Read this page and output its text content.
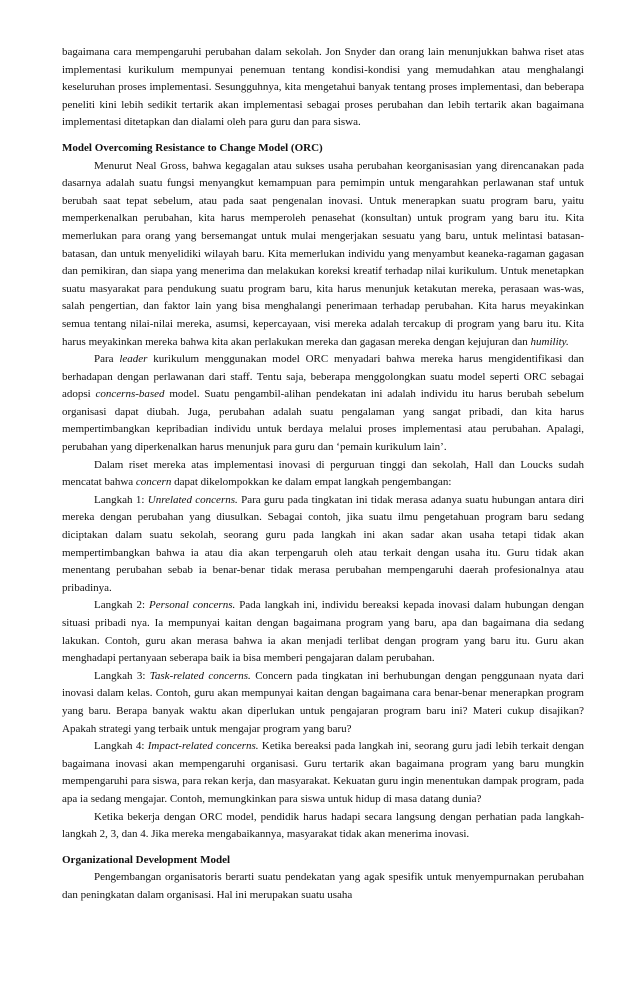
bagaimana cara mempengaruhi perubahan dalam sekolah. Jon Snyder dan orang lain menunjukkan bahwa riset atas implementasi kurikulum mempunyai penemuan tentang kondisi-kondisi yang memudahkan atau menghalangi keseluruhan proses implementasi. Sesungguhnya, kita mengetahui banyak tentang proses implementasi, dan beberapa peneliti kini lebih sedikit tertarik akan implementasi sebagai proses perubahan dan lebih tertarik akan bagaimana implementasi ditetapkan dan dialami oleh para guru dan para siswa.

Model Overcoming Resistance to Change Model (ORC)

Menurut Neal Gross, bahwa kegagalan atau sukses usaha perubahan keorganisasian yang direncanakan pada dasarnya adalah suatu fungsi menyangkut kemampuan para pemimpin untuk mengarahkan perlawanan staf untuk berubah saat tepat sebelum, atau pada saat pengenalan inovasi. Untuk menerapkan suatu program baru, yaitu memperkenalkan perubahan, kita harus memperoleh penasehat (konsultan) untuk program yang baru itu. Kita memerlukan para orang yang bersemangat untuk mulai mengerjakan sesuatu yang baru, untuk melintasi batasan-batasan, dan untuk menyelidiki wilayah baru. Kita memerlukan individu yang menyambut keaneka-ragaman gagasan dan pemikiran, dan siapa yang menerima dan melakukan koreksi kreatif terhadap nilai kurikulum. Untuk menetapkan suatu masyarakat para pendukung suatu program baru, kita harus menunjuk ketakutan mereka, perasaan was-was, salah pengertian, dan faktor lain yang bisa menghalangi penerimaan terhadap perubahan. Kita harus meyakinkan semua tentang nilai-nilai mereka, asumsi, kepercayaan, visi mereka adalah tercakup di program yang baru itu. Kita harus meyakinkan mereka bahwa kita akan perlakukan mereka dan gagasan mereka dengan kejujuran dan humility.

Para leader kurikulum menggunakan model ORC menyadari bahwa mereka harus mengidentifikasi dan berhadapan dengan perlawanan dari staff. Tentu saja, beberapa menggolongkan suatu model seperti ORC sebagai adopsi concerns-based model. Suatu pengambil-alihan pendekatan ini adalah individu itu harus berubah sebelum organisasi dapat diubah. Juga, perubahan adalah suatu pengalaman yang sangat pribadi, dan kita harus mempertimbangkan kepribadian individu untuk berdaya melalui proses implementasi atau perubahan. Apalagi, perubahan yang diperkenalkan harus menunjuk para guru dan ‘pemain kurikulum lain’.

Dalam riset mereka atas implementasi inovasi di perguruan tinggi dan sekolah, Hall dan Loucks sudah mencatat bahwa concern dapat dikelompokkan ke dalam empat langkah pengembangan:

Langkah 1: Unrelated concerns. Para guru pada tingkatan ini tidak merasa adanya suatu hubungan antara diri mereka dengan perubahan yang diusulkan. Sebagai contoh, jika suatu ilmu pengetahuan program baru sedang diciptakan dalam suatu sekolah, seorang guru pada langkah ini akan sadar akan usaha tetapi tidak akan mempertimbangkan bahwa ia atau dia akan terpengaruh oleh atau terkait dengan usaha itu. Guru tidak akan menentang perubahan sebab ia benar-benar tidak merasa perubahan mempengaruhi daerah profesionalnya atau pribadinya.

Langkah 2: Personal concerns. Pada langkah ini, individu bereaksi kepada inovasi dalam hubungan dengan situasi pribadi nya. Ia mempunyai kaitan dengan bagaimana program yang baru, apa dan bagaimana dia sedang lakukan. Contoh, guru akan merasa bahwa ia akan menjadi terlibat dengan program yang baru itu. Guru akan menghadapi pertanyaan seberapa baik ia bisa memberi pengajaran dalam perubahan.

Langkah 3: Task-related concerns. Concern pada tingkatan ini berhubungan dengan penggunaan nyata dari inovasi dalam kelas. Contoh, guru akan mempunyai kaitan dengan bagaimana cara benar-benar menerapkan program yang baru. Berapa banyak waktu akan diperlukan untuk pengajaran program baru ini? Materi cukup disajikan? Apakah strategi yang terbaik untuk mengajar program yang baru?

Langkah 4: Impact-related concerns. Ketika bereaksi pada langkah ini, seorang guru jadi lebih terkait dengan bagaimana inovasi akan mempengaruhi organisasi. Guru tertarik akan bagaimana program yang baru mungkin mempengaruhi para siswa, para rekan kerja, dan masyarakat. Kekuatan guru ingin menentukan dampak program, pada apa ia sedang mengajar. Contoh, memungkinkan para siswa untuk hidup di masa datang dunia?

Ketika bekerja dengan ORC model, pendidik harus hadapi secara langsung dengan perhatian pada langkah-langkah 2, 3, dan 4. Jika mereka mengabaikannya, masyarakat tidak akan menerima inovasi.

Organizational Development Model

Pengembangan organisatoris berarti suatu pendekatan yang agak spesifik untuk menyempurnakan perubahan dan peningkatan dalam organisasi. Hal ini merupakan suatu usaha
